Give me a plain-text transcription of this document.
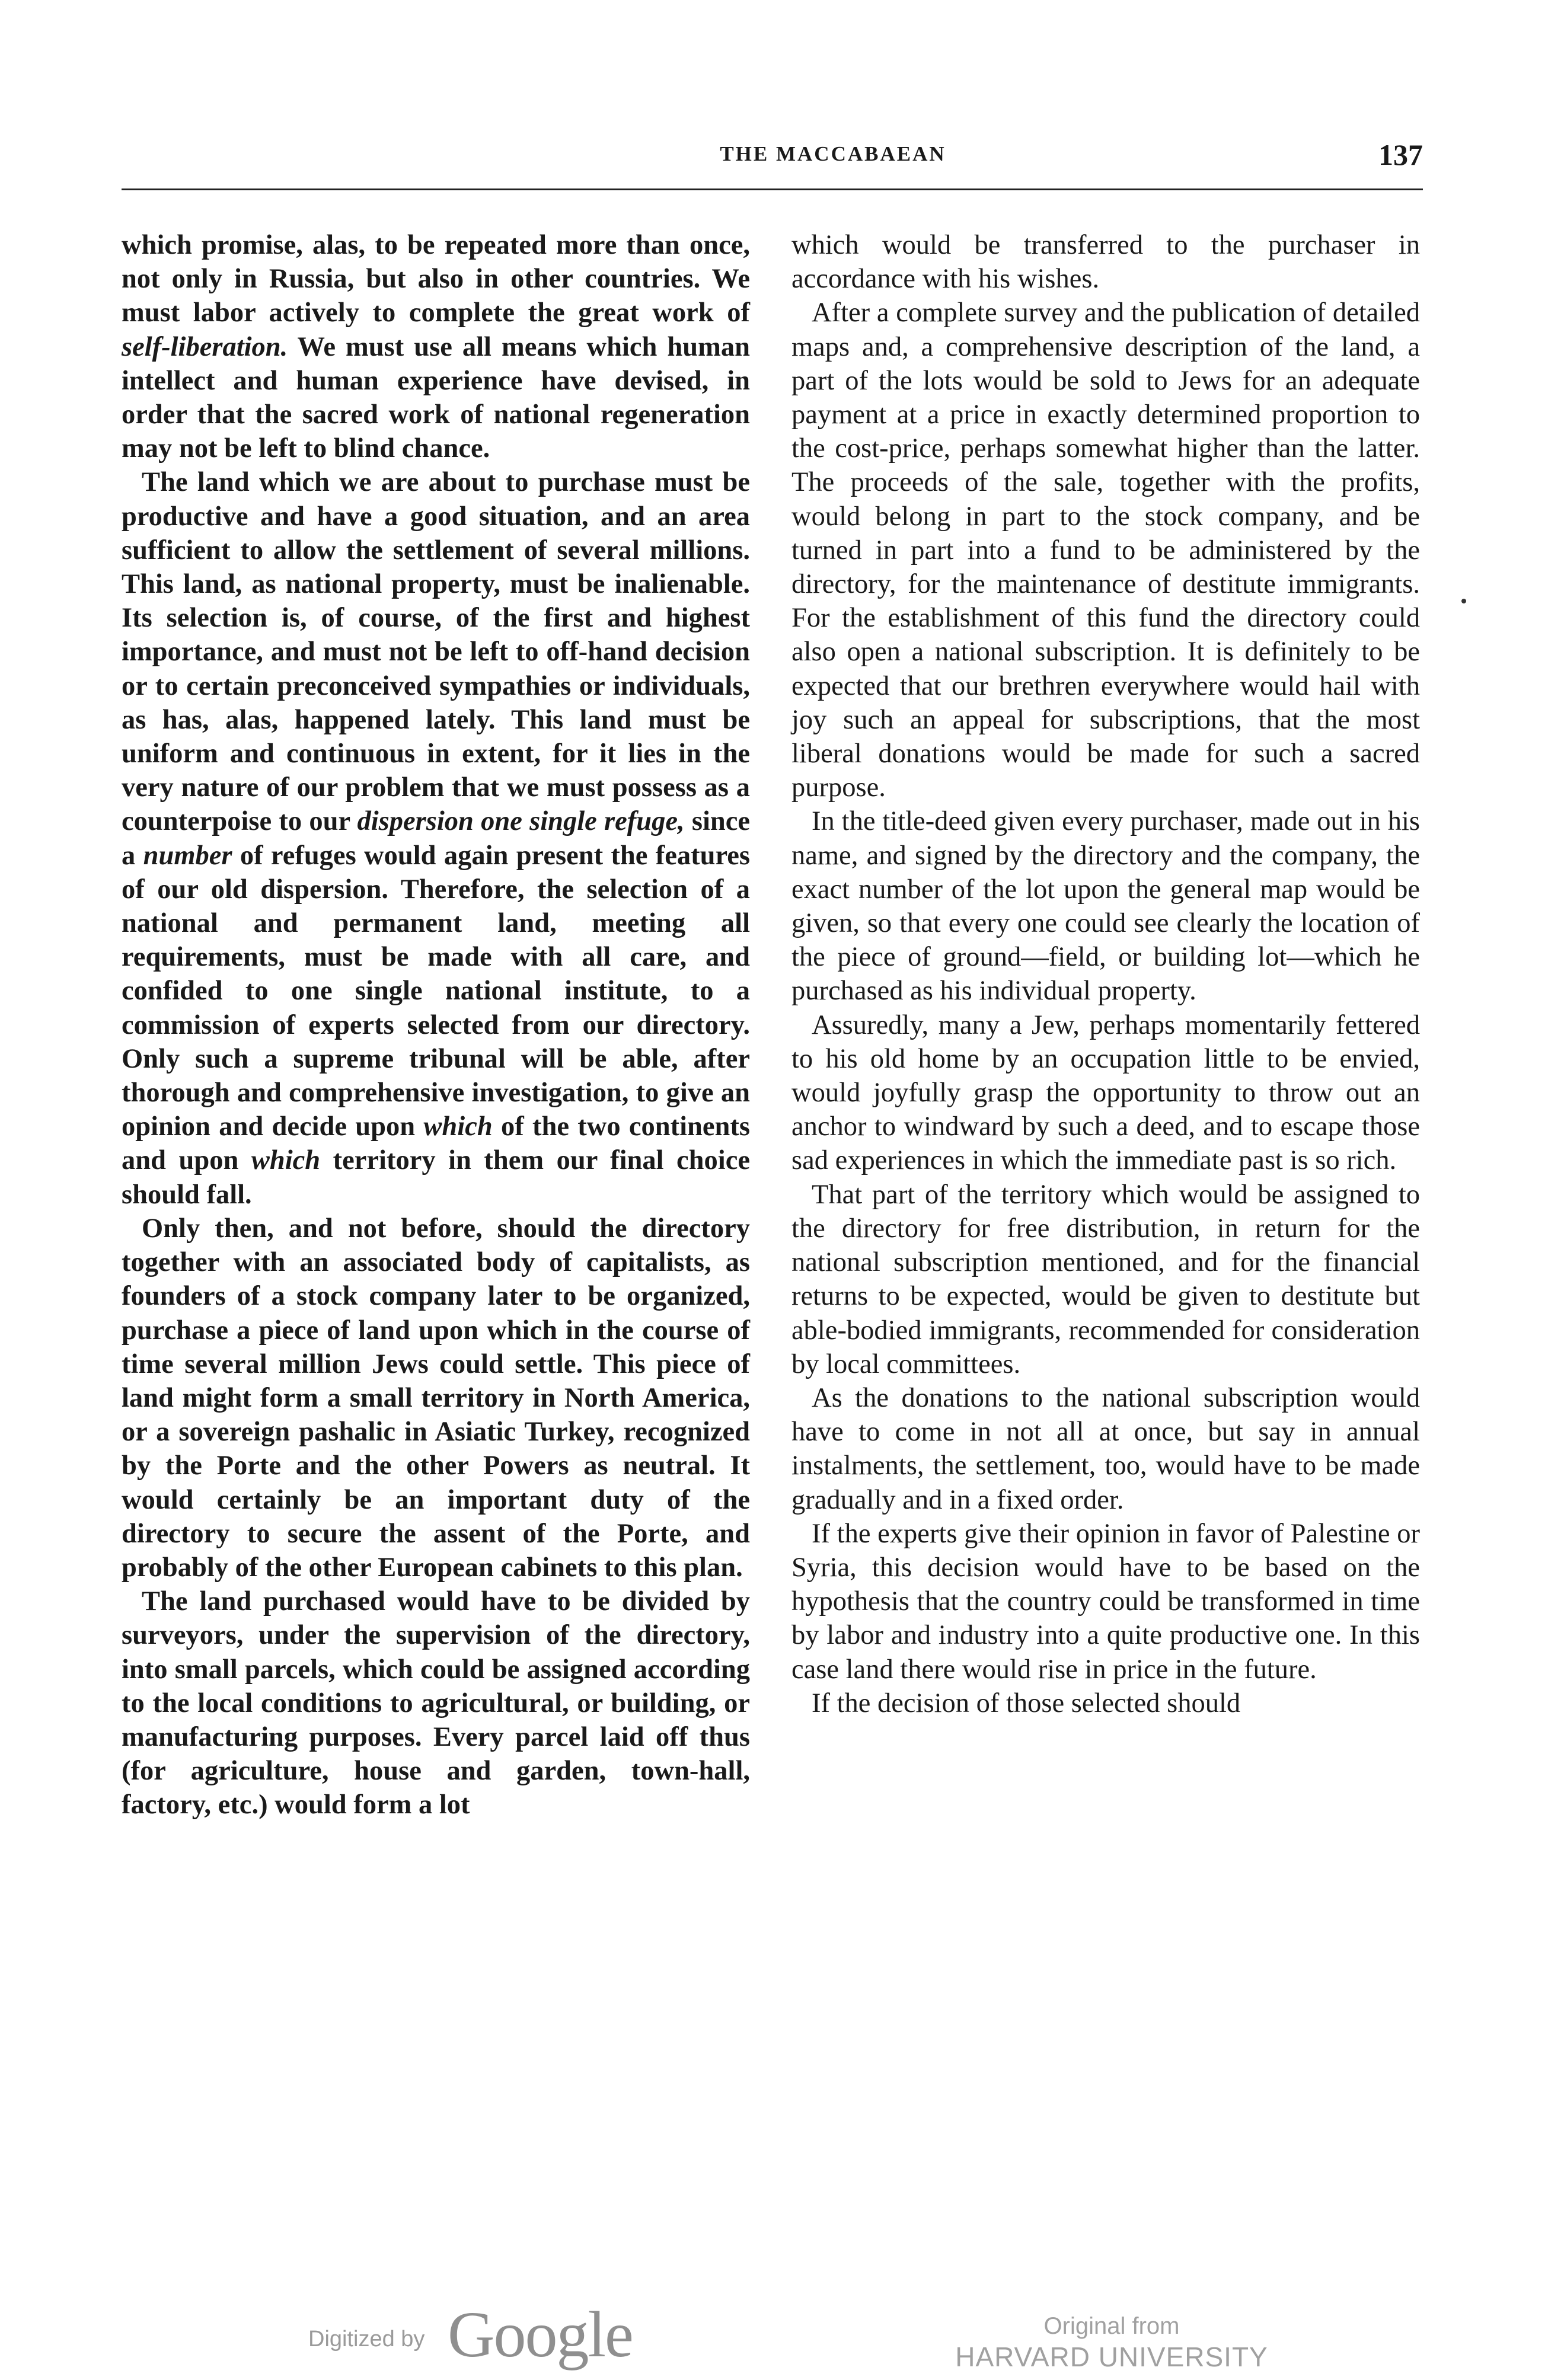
THE MACCABAEAN	137

which promise, alas, to be repeated more than once, not only in Russia, but also in other countries. We must labor actively to complete the great work of self-liberation. We must use all means which human intellect and human experience have devised, in order that the sacred work of national regeneration may not be left to blind chance.

The land which we are about to purchase must be productive and have a good situation, and an area sufficient to allow the settlement of several millions. This land, as national property, must be inalienable. Its selection is, of course, of the first and highest importance, and must not be left to off-hand decision or to certain preconceived sympathies or individuals, as has, alas, happened lately. This land must be uniform and continuous in extent, for it lies in the very nature of our problem that we must possess as a counterpoise to our dispersion one single refuge, since a number of refuges would again present the features of our old dispersion. Therefore, the selection of a national and permanent land, meeting all requirements, must be made with all care, and confided to one single national institute, to a commission of experts selected from our directory. Only such a supreme tribunal will be able, after thorough and comprehensive investigation, to give an opinion and decide upon which of the two continents and upon which territory in them our final choice should fall.

Only then, and not before, should the directory together with an associated body of capitalists, as founders of a stock company later to be organized, purchase a piece of land upon which in the course of time several million Jews could settle. This piece of land might form a small territory in North America, or a sovereign pashalic in Asiatic Turkey, recognized by the Porte and the other Powers as neutral. It would certainly be an important duty of the directory to secure the assent of the Porte, and probably of the other European cabinets to this plan.

The land purchased would have to be divided by surveyors, under the supervision of the directory, into small parcels, which could be assigned according to the local conditions to agricultural, or building, or manufacturing purposes. Every parcel laid off thus (for agriculture, house and garden, town-hall, factory, etc.) would form a lot

which would be transferred to the purchaser in accordance with his wishes.

After a complete survey and the publication of detailed maps and, a comprehensive description of the land, a part of the lots would be sold to Jews for an adequate payment at a price in exactly determined proportion to the cost-price, perhaps somewhat higher than the latter. The proceeds of the sale, together with the profits, would belong in part to the stock company, and be turned in part into a fund to be administered by the directory, for the maintenance of destitute immigrants. For the establishment of this fund the directory could also open a national subscription. It is definitely to be expected that our brethren everywhere would hail with joy such an appeal for subscriptions, that the most liberal donations would be made for such a sacred purpose.

In the title-deed given every purchaser, made out in his name, and signed by the directory and the company, the exact number of the lot upon the general map would be given, so that every one could see clearly the location of the piece of ground—field, or building lot—which he purchased as his individual property.

Assuredly, many a Jew, perhaps momentarily fettered to his old home by an occupation little to be envied, would joyfully grasp the opportunity to throw out an anchor to windward by such a deed, and to escape those sad experiences in which the immediate past is so rich.

That part of the territory which would be assigned to the directory for free distribution, in return for the national subscription mentioned, and for the financial returns to be expected, would be given to destitute but able-bodied immigrants, recommended for consideration by local committees.

As the donations to the national subscription would have to come in not all at once, but say in annual instalments, the settlement, too, would have to be made gradually and in a fixed order.

If the experts give their opinion in favor of Palestine or Syria, this decision would have to be based on the hypothesis that the country could be transformed in time by labor and industry into a quite productive one. In this case land there would rise in price in the future.

If the decision of those selected should

Digitized by Google	Original from
HARVARD UNIVERSITY
